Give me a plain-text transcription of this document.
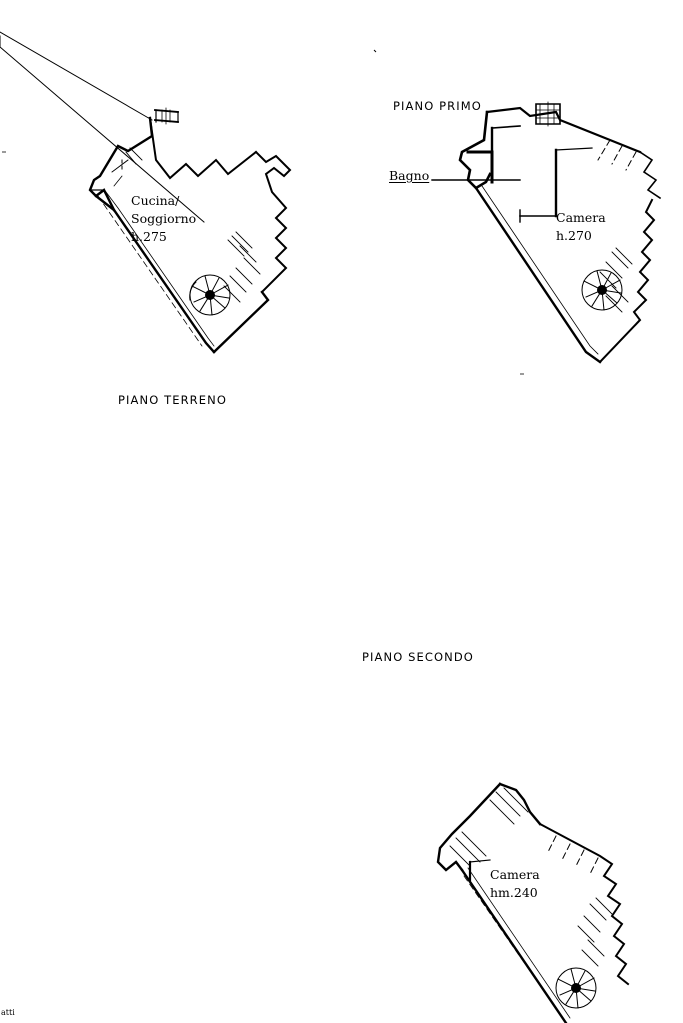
PIANO TERRENO
PIANO PRIMO
PIANO SECONDO
Cucina/
Soggiorno
h.275
Bagno
Camera
h.270
Camera
hm.240
atti
